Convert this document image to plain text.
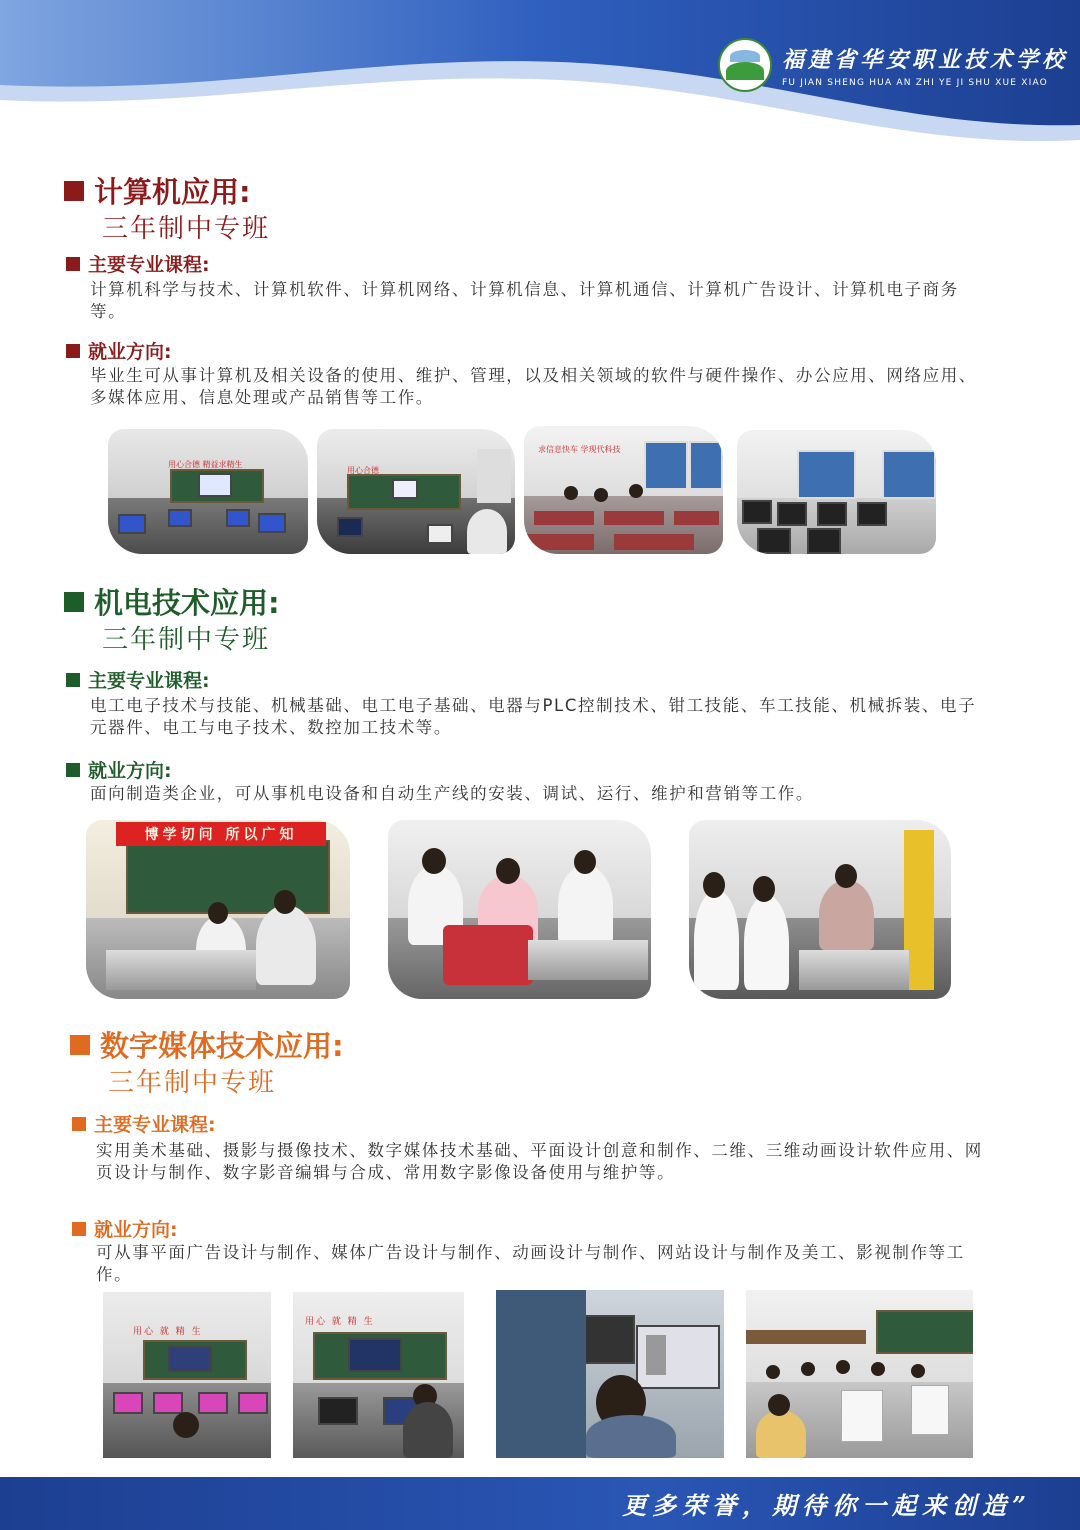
福建省华安职业技术学校
FU JIAN SHENG HUA AN ZHI YE JI SHU XUE XIAO
计算机应用:
三年制中专班
主要专业课程:
计算机科学与技术、计算机软件、计算机网络、计算机信息、计算机通信、计算机广告设计、计算机电子商务等。
就业方向:
毕业生可从事计算机及相关设备的使用、维护、管理，以及相关领域的软件与硬件操作、办公应用、网络应用、多媒体应用、信息处理或产品销售等工作。
用心合德 精益求精生
用心合德
求信息快车 学现代科技
机电技术应用:
三年制中专班
主要专业课程:
电工电子技术与技能、机械基础、电工电子基础、电器与PLC控制技术、钳工技能、车工技能、机械拆装、电子元器件、电工与电子技术、数控加工技术等。
就业方向:
面向制造类企业，可从事机电设备和自动生产线的安装、调试、运行、维护和营销等工作。
博 学 切 问
所 以 广 知
数字媒体技术应用:
三年制中专班
主要专业课程:
实用美术基础、摄影与摄像技术、数字媒体技术基础、平面设计创意和制作、二维、三维动画设计软件应用、网页设计与制作、数字影音编辑与合成、常用数字影像设备使用与维护等。
就业方向:
可从事平面广告设计与制作、媒体广告设计与制作、动画设计与制作、网站设计与制作及美工、影视制作等工作。
用心 就 精 生
用心 就 精 生
更多荣誉，期待你一起来创造”
